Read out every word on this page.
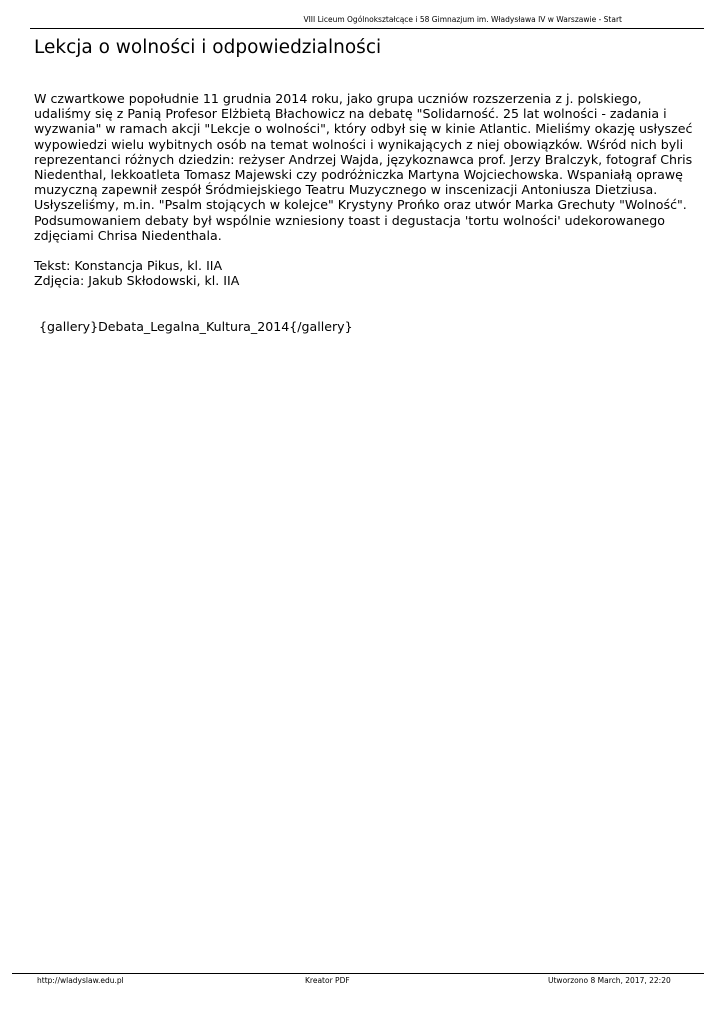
VIII Liceum Ogólnokształcące i 58 Gimnazjum im. Władysława IV w Warszawie - Start
Lekcja o wolności i odpowiedzialności

W czwartkowe popołudnie 11 grudnia 2014 roku, jako grupa uczniów rozszerzenia z j. polskiego,
udaliśmy się z Panią Profesor Elżbietą Błachowicz na debatę "Solidarność. 25 lat wolności - zadania i
wyzwania" w ramach akcji "Lekcje o wolności", który odbył się w kinie Atlantic. Mieliśmy okazję usłyszeć
wypowiedzi wielu wybitnych osób na temat wolności i wynikających z niej obowiązków. Wśród nich byli
reprezentanci różnych dziedzin: reżyser Andrzej Wajda, językoznawca prof. Jerzy Bralczyk, fotograf Chris
Niedenthal, lekkoatleta Tomasz Majewski czy podróżniczka Martyna Wojciechowska. Wspaniałą oprawę
muzyczną zapewnił zespół Śródmiejskiego Teatru Muzycznego w inscenizacji Antoniusza Dietziusa.
Usłyszeliśmy, m.in. "Psalm stojących w kolejce" Krystyny Prońko oraz utwór Marka Grechuty "Wolność".
Podsumowaniem debaty był wspólnie wzniesiony toast i degustacja 'tortu wolności' udekorowanego
zdjęciami Chrisa Niedenthala.

Tekst: Konstancja Pikus, kl. IIA
Zdjęcia: Jakub Skłodowski, kl. IIA

{gallery}Debata_Legalna_Kultura_2014{/gallery}

http://wladyslaw.edu.pl	Kreator PDF	Utworzono 8 March, 2017, 22:20
